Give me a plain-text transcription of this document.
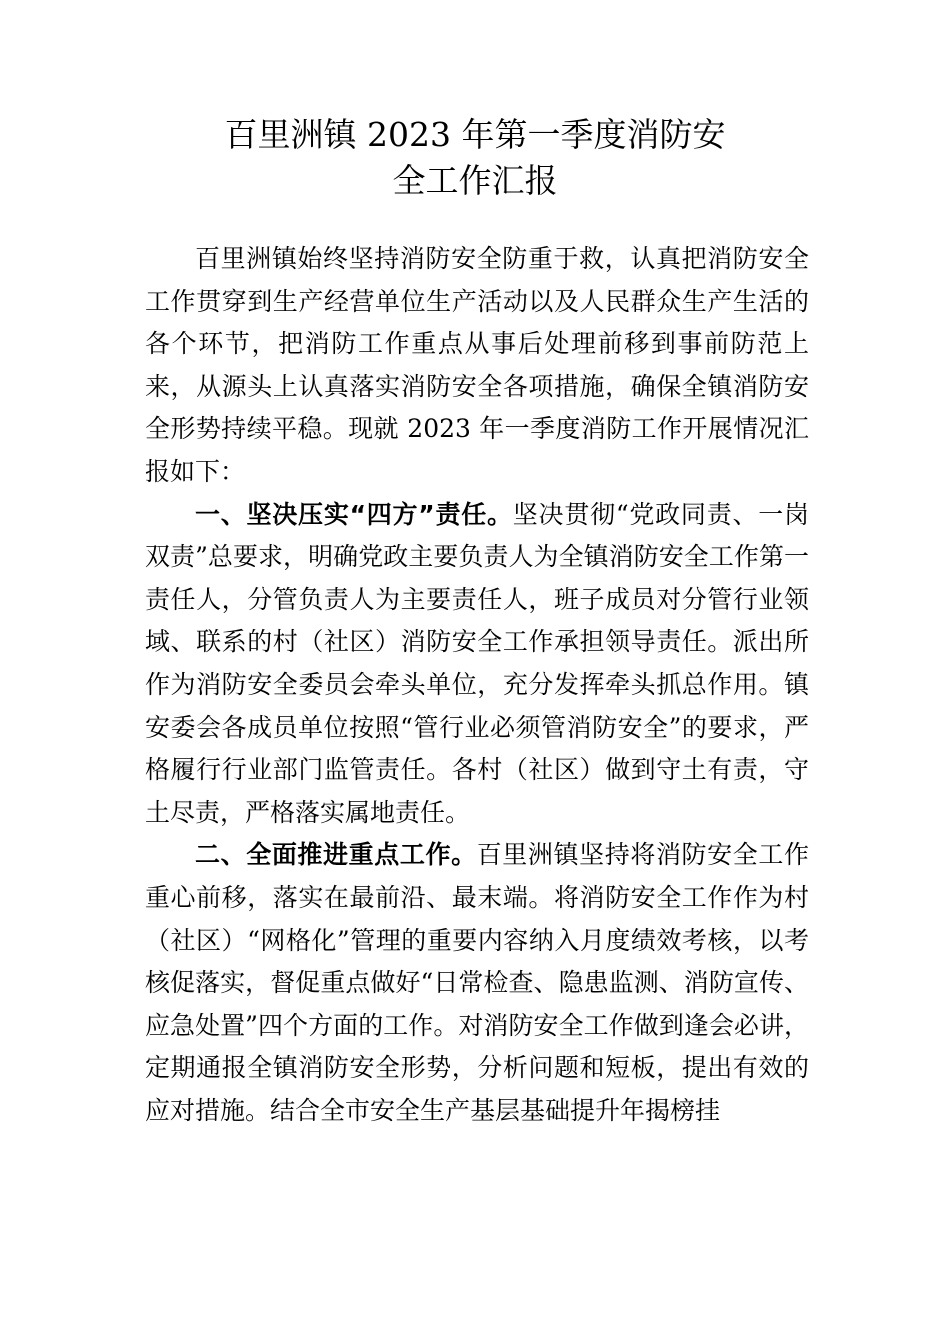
百里洲镇 2023 年第一季度消防安
全工作汇报

百里洲镇始终坚持消防安全防重于救，认真把消防安全工作贯穿到生产经营单位生产活动以及人民群众生产生活的各个环节，把消防工作重点从事后处理前移到事前防范上来，从源头上认真落实消防安全各项措施，确保全镇消防安全形势持续平稳。现就 2023 年一季度消防工作开展情况汇报如下：

一、坚决压实“四方”责任。坚决贯彻“党政同责、一岗双责”总要求，明确党政主要负责人为全镇消防安全工作第一责任人，分管负责人为主要责任人，班子成员对分管行业领域、联系的村（社区）消防安全工作承担领导责任。派出所作为消防安全委员会牵头单位，充分发挥牵头抓总作用。镇安委会各成员单位按照“管行业必须管消防安全”的要求，严格履行行业部门监管责任。各村（社区）做到守土有责，守土尽责，严格落实属地责任。

二、全面推进重点工作。百里洲镇坚持将消防安全工作重心前移，落实在最前沿、最末端。将消防安全工作作为村（社区）“网格化”管理的重要内容纳入月度绩效考核，以考核促落实，督促重点做好“日常检查、隐患监测、消防宣传、应急处置”四个方面的工作。对消防安全工作做到逢会必讲，定期通报全镇消防安全形势，分析问题和短板，提出有效的应对措施。结合全市安全生产基层基础提升年揭榜挂
